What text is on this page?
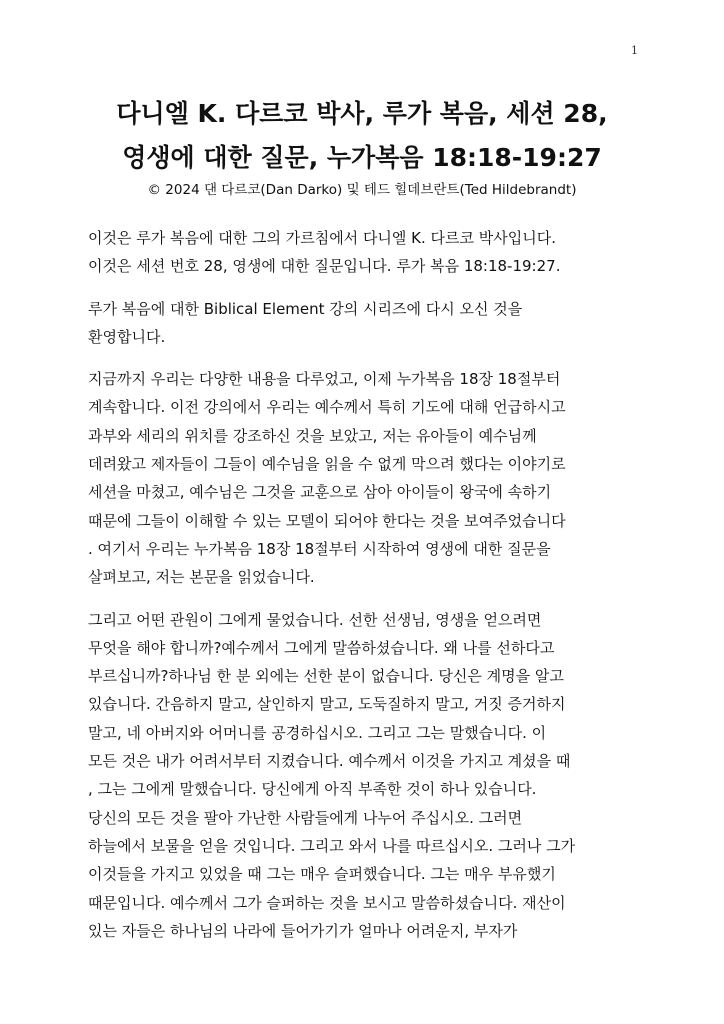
1
다니엘 K. 다르코 박사, 루가 복음, 세션 28,
영생에 대한 질문, 누가복음 18:18-19:27
© 2024 댄 다르코(Dan Darko) 및 테드 힐데브란트(Ted Hildebrandt)

이것은 루가 복음에 대한 그의 가르침에서 다니엘 K. 다르코 박사입니다.
이것은 세션 번호 28, 영생에 대한 질문입니다. 루가 복음 18:18-19:27.

루가 복음에 대한 Biblical Element 강의 시리즈에 다시 오신 것을
환영합니다.

지금까지 우리는 다양한 내용을 다루었고, 이제 누가복음 18장 18절부터
계속합니다. 이전 강의에서 우리는 예수께서 특히 기도에 대해 언급하시고
과부와 세리의 위치를 강조하신 것을 보았고, 저는 유아들이 예수님께
데려왔고 제자들이 그들이 예수님을 읽을 수 없게 막으려 했다는 이야기로
세션을 마쳤고, 예수님은 그것을 교훈으로 삼아 아이들이 왕국에 속하기
때문에 그들이 이해할 수 있는 모델이 되어야 한다는 것을 보여주었습니다
. 여기서 우리는 누가복음 18장 18절부터 시작하여 영생에 대한 질문을
살펴보고, 저는 본문을 읽었습니다.

그리고 어떤 관원이 그에게 물었습니다. 선한 선생님, 영생을 얻으려면
무엇을 해야 합니까?예수께서 그에게 말씀하셨습니다. 왜 나를 선하다고
부르십니까?하나님 한 분 외에는 선한 분이 없습니다. 당신은 계명을 알고
있습니다. 간음하지 말고, 살인하지 말고, 도둑질하지 말고, 거짓 증거하지
말고, 네 아버지와 어머니를 공경하십시오. 그리고 그는 말했습니다. 이
모든 것은 내가 어려서부터 지켰습니다. 예수께서 이것을 가지고 계셨을 때
, 그는 그에게 말했습니다. 당신에게 아직 부족한 것이 하나 있습니다.
당신의 모든 것을 팔아 가난한 사람들에게 나누어 주십시오. 그러면
하늘에서 보물을 얻을 것입니다. 그리고 와서 나를 따르십시오. 그러나 그가
이것들을 가지고 있었을 때 그는 매우 슬퍼했습니다. 그는 매우 부유했기
때문입니다. 예수께서 그가 슬퍼하는 것을 보시고 말씀하셨습니다. 재산이
있는 자들은 하나님의 나라에 들어가기가 얼마나 어려운지, 부자가
